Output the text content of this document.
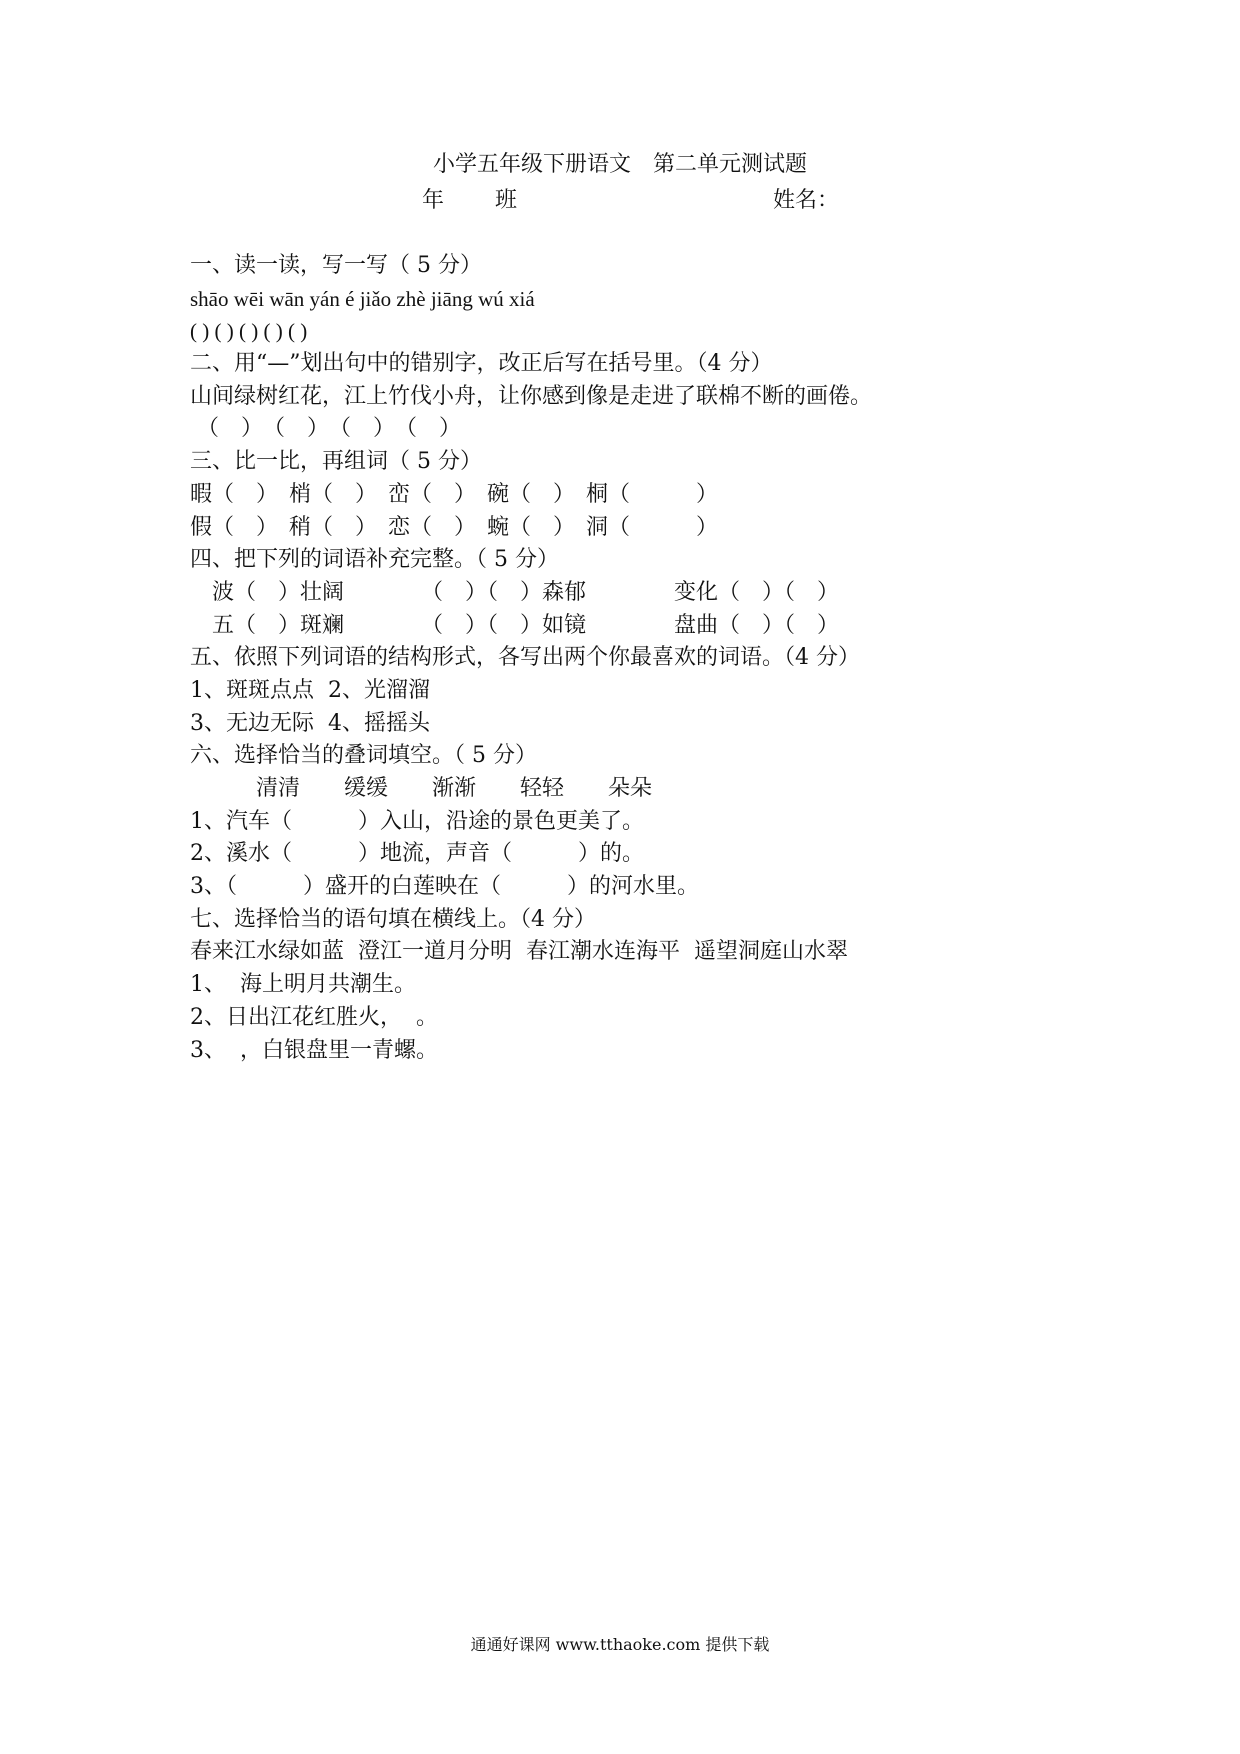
小学五年级下册语文　第二单元测试题
年 班	姓名：
一、读一读，写一写（ 5 分）
shāo wēi wān yán é jiǎo zhè jiāng wú xiá
( ) ( ) ( ) ( ) ( )
二、用“—”划出句中的错别字，改正后写在括号里。（4 分）
山间绿树红花，江上竹伐小舟，让你感到像是走进了联棉不断的画倦。
（　）　（　）　（　）　（　）
三、比一比，再组词（ 5 分）
暇（　）　梢（　）　峦（　）　碗（　）　桐（　　　）
假（　）　稍（　）　恋（　）　蜿（　）　洞（　　　）
四、把下列的词语补充完整。（ 5 分）
　波（　）壮阔　　　　（　）（　）森郁　　　　变化（　）（　）
　五（　）斑斓　　　　（　）（　）如镜　　　　盘曲（　）（　）
五、依照下列词语的结构形式，各写出两个你最喜欢的词语。（4 分）
1、斑斑点点  2、光溜溜
3、无边无际  4、摇摇头
六、选择恰当的叠词填空。（ 5 分）
　　　清清　　缓缓　　渐渐　　轻轻　　朵朵
1、汽车（　　　）入山，沿途的景色更美了。
2、溪水（　　　）地流，声音（　　　）的。
3、（　　　）盛开的白莲映在（　　　）的河水里。
七、选择恰当的语句填在横线上。（4 分）
春来江水绿如蓝  澄江一道月分明  春江潮水连海平  遥望洞庭山水翠
1、  海上明月共潮生。
2、日出江花红胜火，  。
3、  ，白银盘里一青螺。
通通好课网 www.tthaoke.com 提供下载
